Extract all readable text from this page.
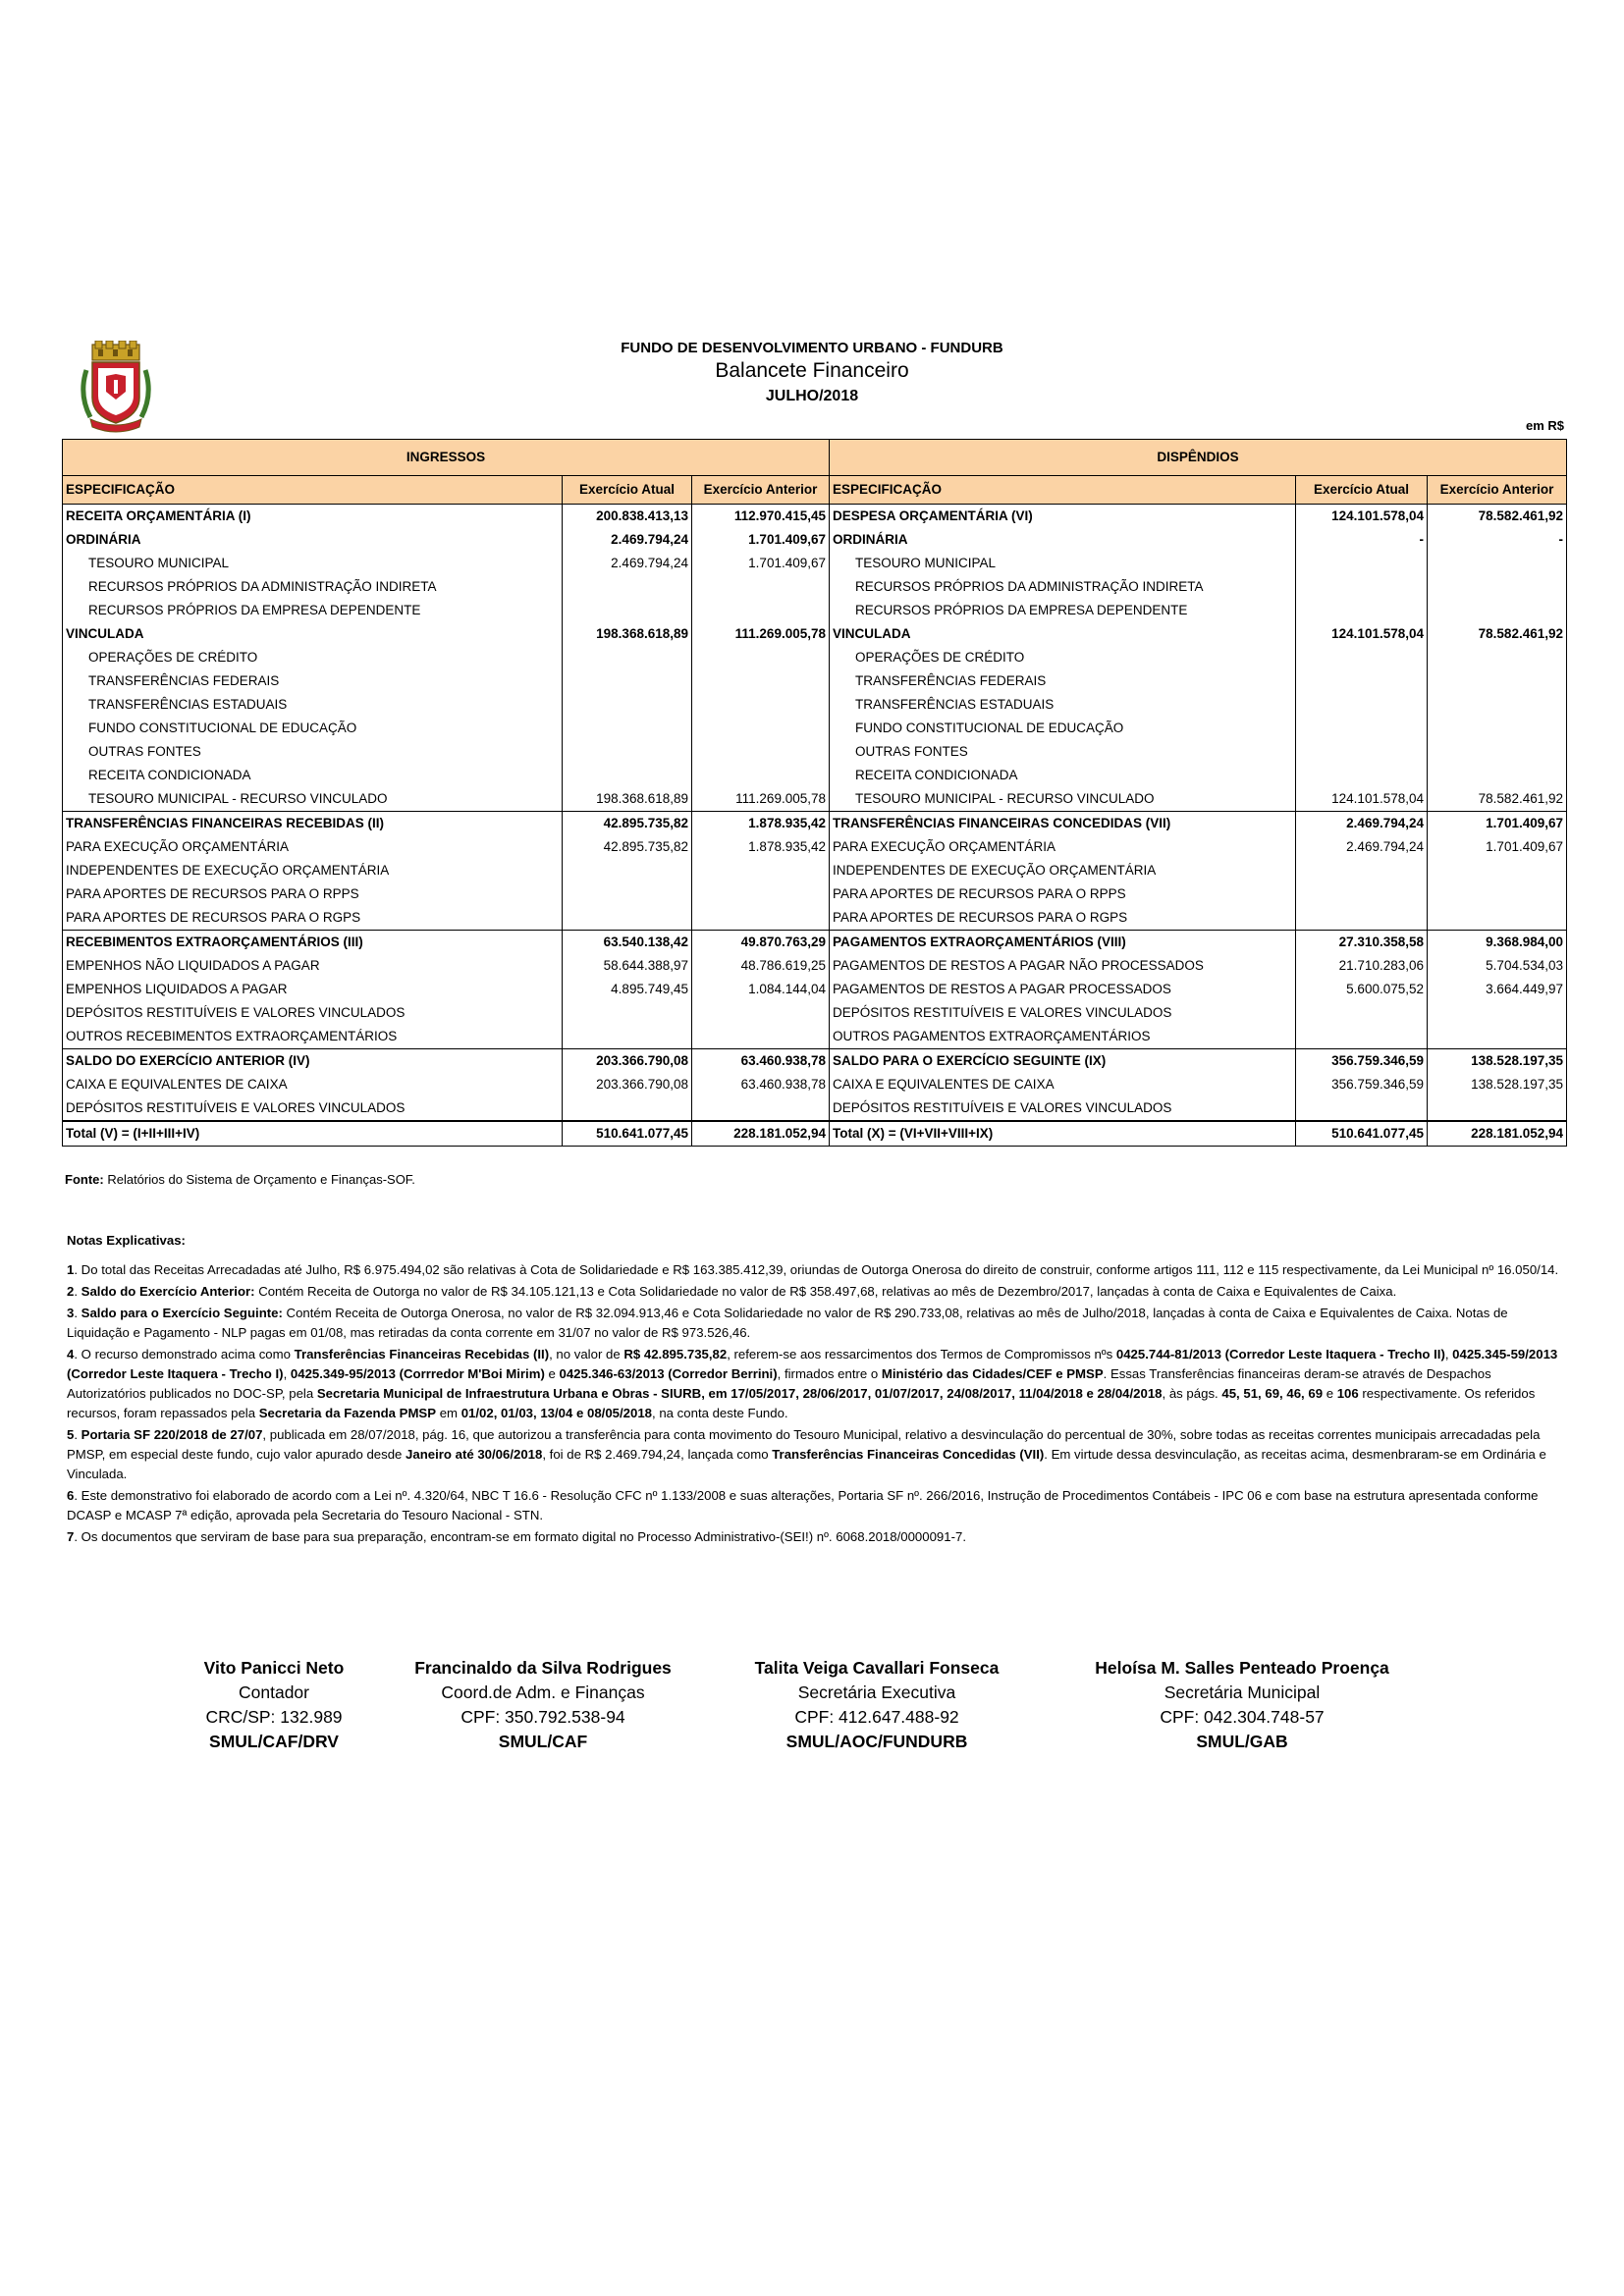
FUNDO DE DESENVOLVIMENTO URBANO - FUNDURB
Balancete Financeiro
JULHO/2018
em R$
INGRESSOS			DISPÊNDIOS		
ESPECIFICAÇÃO	Exercício Atual	Exercício Anterior	ESPECIFICAÇÃO	Exercício Atual	Exercício Anterior
RECEITA ORÇAMENTÁRIA (I)	200.838.413,13	112.970.415,45	DESPESA ORÇAMENTÁRIA (VI)	124.101.578,04	78.582.461,92
ORDINÁRIA	2.469.794,24	1.701.409,67	ORDINÁRIA	-	-
TESOURO MUNICIPAL	2.469.794,24	1.701.409,67	TESOURO MUNICIPAL		
RECURSOS PRÓPRIOS DA ADMINISTRAÇÃO INDIRETA			RECURSOS PRÓPRIOS DA ADMINISTRAÇÃO INDIRETA		
RECURSOS PRÓPRIOS DA EMPRESA DEPENDENTE			RECURSOS PRÓPRIOS DA EMPRESA DEPENDENTE		
VINCULADA	198.368.618,89	111.269.005,78	VINCULADA	124.101.578,04	78.582.461,92
OPERAÇÕES DE CRÉDITO			OPERAÇÕES DE CRÉDITO		
TRANSFERÊNCIAS FEDERAIS			TRANSFERÊNCIAS FEDERAIS		
TRANSFERÊNCIAS ESTADUAIS			TRANSFERÊNCIAS ESTADUAIS		
FUNDO CONSTITUCIONAL DE EDUCAÇÃO			FUNDO CONSTITUCIONAL DE EDUCAÇÃO		
OUTRAS FONTES			OUTRAS FONTES		
RECEITA CONDICIONADA			RECEITA CONDICIONADA		
TESOURO MUNICIPAL - RECURSO VINCULADO	198.368.618,89	111.269.005,78	TESOURO MUNICIPAL - RECURSO VINCULADO	124.101.578,04	78.582.461,92
TRANSFERÊNCIAS FINANCEIRAS RECEBIDAS (II)	42.895.735,82	1.878.935,42	TRANSFERÊNCIAS FINANCEIRAS CONCEDIDAS (VII)	2.469.794,24	1.701.409,67
PARA EXECUÇÃO ORÇAMENTÁRIA	42.895.735,82	1.878.935,42	PARA EXECUÇÃO ORÇAMENTÁRIA	2.469.794,24	1.701.409,67
INDEPENDENTES DE EXECUÇÃO ORÇAMENTÁRIA			INDEPENDENTES DE EXECUÇÃO ORÇAMENTÁRIA		
PARA APORTES DE RECURSOS PARA O RPPS			PARA APORTES DE RECURSOS PARA O RPPS		
PARA APORTES DE RECURSOS PARA O RGPS			PARA APORTES DE RECURSOS PARA O RGPS		
RECEBIMENTOS EXTRAORÇAMENTÁRIOS (III)	63.540.138,42	49.870.763,29	PAGAMENTOS EXTRAORÇAMENTÁRIOS (VIII)	27.310.358,58	9.368.984,00
EMPENHOS NÃO LIQUIDADOS A PAGAR	58.644.388,97	48.786.619,25	PAGAMENTOS DE RESTOS A PAGAR NÃO PROCESSADOS	21.710.283,06	5.704.534,03
EMPENHOS LIQUIDADOS A PAGAR	4.895.749,45	1.084.144,04	PAGAMENTOS DE RESTOS A PAGAR PROCESSADOS	5.600.075,52	3.664.449,97
DEPÓSITOS RESTITUÍVEIS E VALORES VINCULADOS			DEPÓSITOS RESTITUÍVEIS E VALORES VINCULADOS		
OUTROS RECEBIMENTOS EXTRAORÇAMENTÁRIOS			OUTROS PAGAMENTOS EXTRAORÇAMENTÁRIOS		
SALDO DO EXERCÍCIO ANTERIOR (IV)	203.366.790,08	63.460.938,78	SALDO PARA O EXERCÍCIO SEGUINTE (IX)	356.759.346,59	138.528.197,35
CAIXA E EQUIVALENTES DE CAIXA	203.366.790,08	63.460.938,78	CAIXA E EQUIVALENTES DE CAIXA	356.759.346,59	138.528.197,35
DEPÓSITOS RESTITUÍVEIS E VALORES VINCULADOS			DEPÓSITOS RESTITUÍVEIS E VALORES VINCULADOS		
Total (V) = (I+II+III+IV)	510.641.077,45	228.181.052,94	Total (X) = (VI+VII+VIII+IX)	510.641.077,45	228.181.052,94
Fonte: Relatórios do Sistema de Orçamento e Finanças-SOF.
Notas Explicativas:

1. Do total das Receitas Arrecadadas até Julho, R$ 6.975.494,02 são relativas à Cota de Solidariedade e R$ 163.385.412,39, oriundas de Outorga Onerosa do direito de construir, conforme artigos 111, 112 e 115 respectivamente, da Lei Municipal nº 16.050/14.

2. Saldo do Exercício Anterior: Contém Receita de Outorga no valor de R$ 34.105.121,13 e Cota Solidariedade no valor de R$ 358.497,68, relativas ao mês de Dezembro/2017, lançadas à conta de Caixa e Equivalentes de Caixa.

3. Saldo para o Exercício Seguinte: Contém Receita de Outorga Onerosa, no valor de R$ 32.094.913,46 e Cota Solidariedade no valor de R$ 290.733,08, relativas ao mês de Julho/2018, lançadas à conta de Caixa e Equivalentes de Caixa. Notas de Liquidação e Pagamento - NLP pagas em 01/08, mas retiradas da conta corrente em 31/07 no valor de R$ 973.526,46.

4. O recurso demonstrado acima como Transferências Financeiras Recebidas (II), no valor de R$ 42.895.735,82, referem-se aos ressarcimentos dos Termos de Compromissos nºs 0425.744-81/2013 (Corredor Leste Itaquera - Trecho II), 0425.345-59/2013 (Corredor Leste Itaquera - Trecho I), 0425.349-95/2013 (Corrredor M'Boi Mirim) e 0425.346-63/2013 (Corredor Berrini), firmados entre o Ministério das Cidades/CEF e PMSP. Essas Transferências financeiras deram-se através de Despachos Autorizatórios publicados no DOC-SP, pela Secretaria Municipal de Infraestrutura Urbana e Obras - SIURB, em 17/05/2017, 28/06/2017, 01/07/2017, 24/08/2017, 11/04/2018 e 28/04/2018, às págs. 45, 51, 69, 46, 69 e 106 respectivamente. Os referidos recursos, foram repassados pela Secretaria da Fazenda PMSP em 01/02, 01/03, 13/04 e 08/05/2018, na conta deste Fundo.

5. Portaria SF 220/2018 de 27/07, publicada em 28/07/2018, pág. 16, que autorizou a transferência para conta movimento do Tesouro Municipal, relativo a desvinculação do percentual de 30%, sobre todas as receitas correntes municipais arrecadadas pela PMSP, em especial deste fundo, cujo valor apurado desde Janeiro até 30/06/2018, foi de R$ 2.469.794,24, lançada como Transferências Financeiras Concedidas (VII). Em virtude dessa desvinculação, as receitas acima, desmenbraram-se em Ordinária e Vinculada.

6. Este demonstrativo foi elaborado de acordo com a Lei nº. 4.320/64, NBC T 16.6 - Resolução CFC nº 1.133/2008 e suas alterações, Portaria SF nº. 266/2016, Instrução de Procedimentos Contábeis - IPC 06 e com base na estrutura apresentada conforme DCASP e MCASP 7ª edição, aprovada pela Secretaria do Tesouro Nacional - STN.

7. Os documentos que serviram de base para sua preparação, encontram-se em formato digital no Processo Administrativo-(SEI!) nº. 6068.2018/0000091-7.

Vito Panicci Neto
Contador
CRC/SP: 132.989
SMUL/CAF/DRV
Francinaldo da Silva Rodrigues
Coord.de Adm. e Finanças
CPF: 350.792.538-94
SMUL/CAF
Talita Veiga Cavallari Fonseca
Secretária Executiva
CPF: 412.647.488-92
SMUL/AOC/FUNDURB
Heloísa M. Salles Penteado Proença
Secretária Municipal
CPF: 042.304.748-57
SMUL/GAB
